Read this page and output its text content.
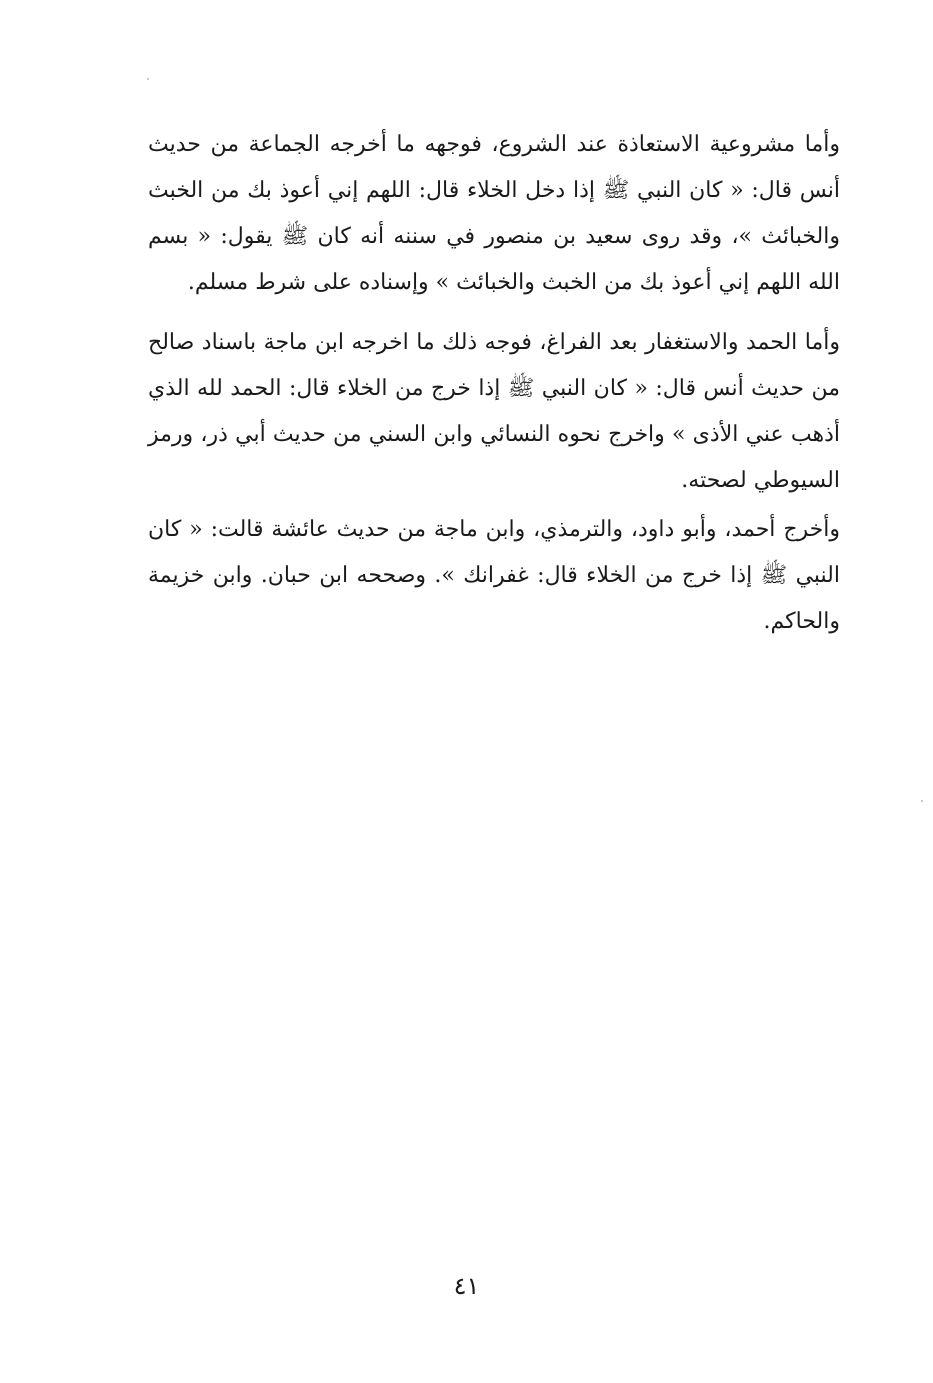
وأما مشروعية الاستعاذة عند الشروع، فوجهه ما أخرجه الجماعة من حديث أنس قال: « كان النبي ﷺ إذا دخل الخلاء قال: اللهم إني أعوذ بك من الخبث والخبائث »، وقد روى سعيد بن منصور في سننه أنه كان ﷺ يقول: « بسم الله اللهم إني أعوذ بك من الخبث والخبائث » وإسناده على شرط مسلم.

وأما الحمد والاستغفار بعد الفراغ، فوجه ذلك ما اخرجه ابن ماجة باسناد صالح من حديث أنس قال: « كان النبي ﷺ إذا خرج من الخلاء قال: الحمد لله الذي أذهب عني الأذى » واخرج نحوه النسائي وابن السني من حديث أبي ذر، ورمز السيوطي لصحته.

وأخرج أحمد، وأبو داود، والترمذي، وابن ماجة من حديث عائشة قالت: « كان النبي ﷺ إذا خرج من الخلاء قال: غفرانك ». وصححه ابن حبان. وابن خزيمة والحاكم.

٤١
